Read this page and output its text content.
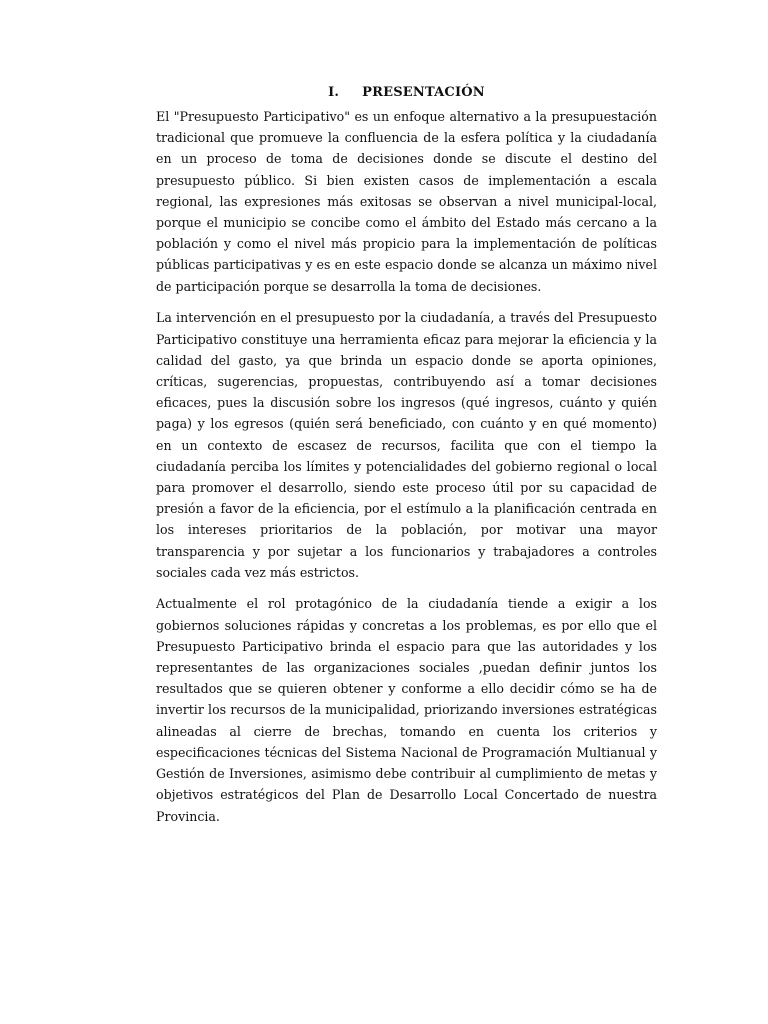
I. PRESENTACIÓN

El "Presupuesto Participativo" es un enfoque alternativo a la presupuestación tradicional que promueve la confluencia de la esfera política y la ciudadanía en un proceso de toma de decisiones donde se discute el destino del presupuesto público. Si bien existen casos de implementación a escala regional, las expresiones más exitosas se observan a nivel municipal-local, porque el municipio se concibe como el ámbito del Estado más cercano a la población y como el nivel más propicio para la implementación de políticas públicas participativas y es en este espacio donde se alcanza un máximo nivel de participación porque se desarrolla la toma de decisiones.

La intervención en el presupuesto por la ciudadanía, a través del Presupuesto Participativo constituye una herramienta eficaz para mejorar la eficiencia y la calidad del gasto, ya que brinda un espacio donde se aporta opiniones, críticas, sugerencias, propuestas, contribuyendo así a tomar decisiones eficaces, pues la discusión sobre los ingresos (qué ingresos, cuánto y quién paga) y los egresos (quién será beneficiado, con cuánto y en qué momento) en un contexto de escasez de recursos, facilita que con el tiempo la ciudadanía perciba los límites y potencialidades del gobierno regional o local para promover el desarrollo, siendo este proceso útil por su capacidad de presión a favor de la eficiencia, por el estímulo a la planificación centrada en los intereses prioritarios de la población, por motivar una mayor transparencia y por sujetar a los funcionarios y trabajadores a controles sociales cada vez más estrictos.

Actualmente el rol protagónico de la ciudadanía tiende a exigir a los gobiernos soluciones rápidas y concretas a los problemas, es por ello que el Presupuesto Participativo brinda el espacio para que las autoridades y los representantes de las organizaciones sociales ,puedan definir juntos los resultados que se quieren obtener y conforme a ello decidir cómo se ha de invertir los recursos de la municipalidad, priorizando inversiones estratégicas alineadas al cierre de brechas, tomando en cuenta los criterios y especificaciones técnicas del Sistema Nacional de Programación Multianual y Gestión de Inversiones, asimismo debe contribuir al cumplimiento de metas y objetivos estratégicos del Plan de Desarrollo Local Concertado de nuestra Provincia.
